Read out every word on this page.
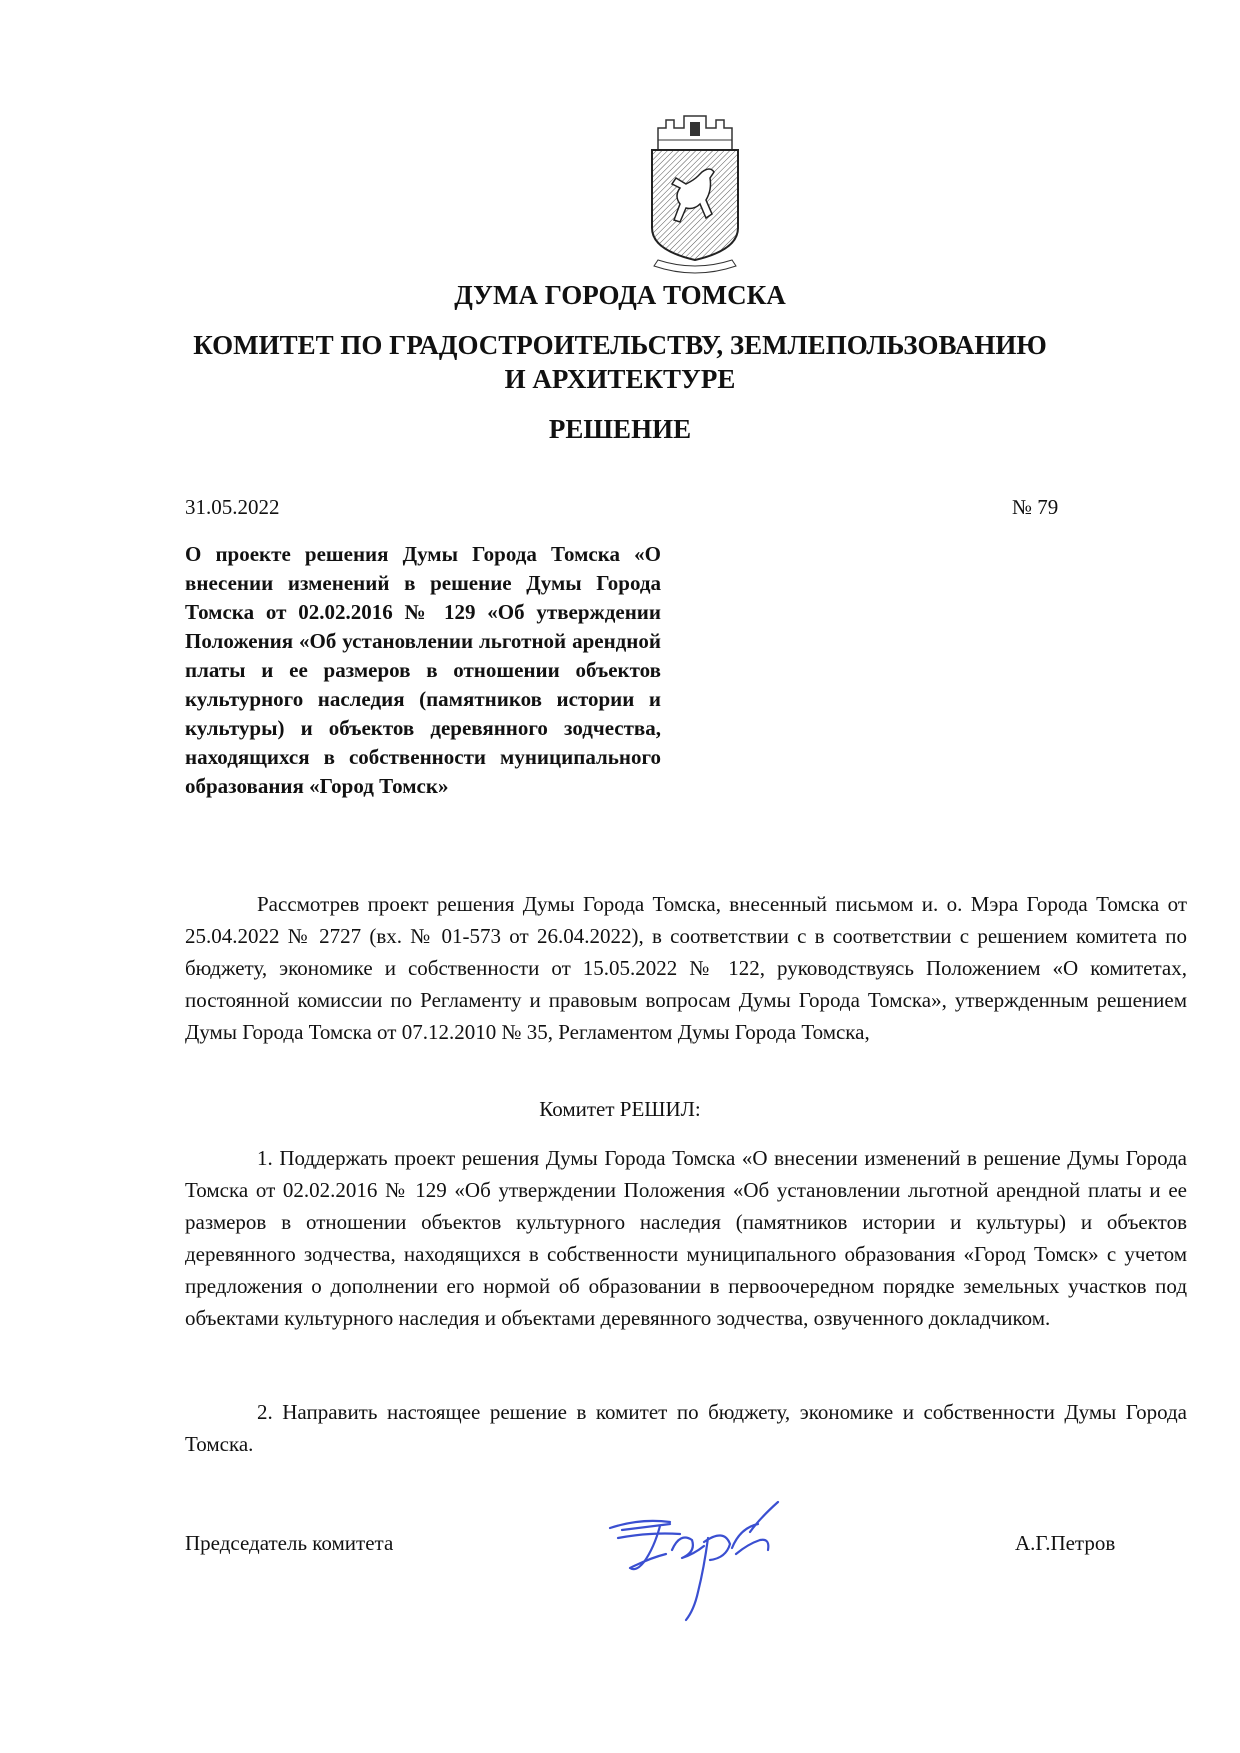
ДУМА ГОРОДА ТОМСКА
КОМИТЕТ ПО ГРАДОСТРОИТЕЛЬСТВУ, ЗЕМЛЕПОЛЬЗОВАНИЮ
И АРХИТЕКТУРЕ
РЕШЕНИЕ
31.05.2022	№ 79
О проекте решения Думы Города Томска «О внесении изменений в решение Думы Города Томска от 02.02.2016 № 129 «Об утверждении Положения «Об установлении льготной арендной платы и ее размеров в отношении объектов культурного наследия (памятников истории и культуры) и объектов деревянного зодчества, находящихся в собственности муниципального образования «Город Томск»

Рассмотрев проект решения Думы Города Томска, внесенный письмом и. о. Мэра Города Томска от 25.04.2022 № 2727 (вх. № 01-573 от 26.04.2022), в соответствии с в соответствии с решением комитета по бюджету, экономике и собственности от 15.05.2022 № 122, руководствуясь Положением «О комитетах, постоянной комиссии по Регламенту и правовым вопросам Думы Города Томска», утвержденным решением Думы Города Томска от 07.12.2010 № 35, Регламентом Думы Города Томска,

Комитет РЕШИЛ:

1. Поддержать проект решения Думы Города Томска «О внесении изменений в решение Думы Города Томска от 02.02.2016 № 129 «Об утверждении Положения «Об установлении льготной арендной платы и ее размеров в отношении объектов культурного наследия (памятников истории и культуры) и объектов деревянного зодчества, находящихся в собственности муниципального образования «Город Томск» с учетом предложения о дополнении его нормой об образовании в первоочередном порядке земельных участков под объектами культурного наследия и объектами деревянного зодчества, озвученного докладчиком.

2. Направить настоящее решение в комитет по бюджету, экономике и собственности Думы Города Томска.

Председатель комитета	А.Г.Петров
